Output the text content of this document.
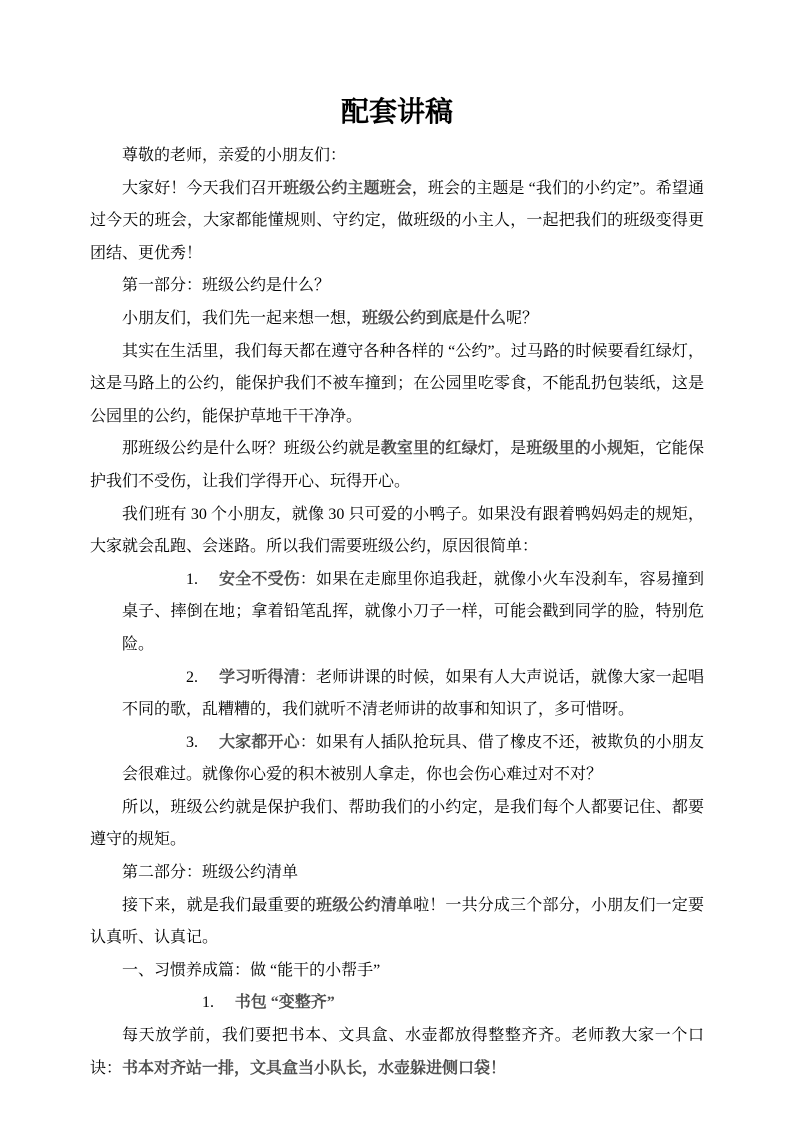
配套讲稿

尊敬的老师，亲爱的小朋友们：

大家好！今天我们召开班级公约主题班会，班会的主题是 “我们的小约定”。希望通过今天的班会，大家都能懂规则、守约定，做班级的小主人，一起把我们的班级变得更团结、更优秀！

第一部分：班级公约是什么？

小朋友们，我们先一起来想一想，班级公约到底是什么呢？

其实在生活里，我们每天都在遵守各种各样的 “公约”。过马路的时候要看红绿灯，这是马路上的公约，能保护我们不被车撞到；在公园里吃零食，不能乱扔包装纸，这是公园里的公约，能保护草地干干净净。

那班级公约是什么呀？班级公约就是教室里的红绿灯，是班级里的小规矩，它能保护我们不受伤，让我们学得开心、玩得开心。

我们班有 30 个小朋友，就像 30 只可爱的小鸭子。如果没有跟着鸭妈妈走的规矩，大家就会乱跑、会迷路。所以我们需要班级公约，原因很简单：

1. 安全不受伤：如果在走廊里你追我赶，就像小火车没刹车，容易撞到桌子、摔倒在地；拿着铅笔乱挥，就像小刀子一样，可能会戳到同学的脸，特别危险。

2. 学习听得清：老师讲课的时候，如果有人大声说话，就像大家一起唱不同的歌，乱糟糟的，我们就听不清老师讲的故事和知识了，多可惜呀。

3. 大家都开心：如果有人插队抢玩具、借了橡皮不还，被欺负的小朋友会很难过。就像你心爱的积木被别人拿走，你也会伤心难过对不对？

所以，班级公约就是保护我们、帮助我们的小约定，是我们每个人都要记住、都要遵守的规矩。

第二部分：班级公约清单

接下来，就是我们最重要的班级公约清单啦！一共分成三个部分，小朋友们一定要认真听、认真记。

一、习惯养成篇：做 “能干的小帮手”

1. 书包 “变整齐”

每天放学前，我们要把书本、文具盒、水壶都放得整整齐齐。老师教大家一个口诀：书本对齐站一排，文具盒当小队长，水壶躲进侧口袋！
